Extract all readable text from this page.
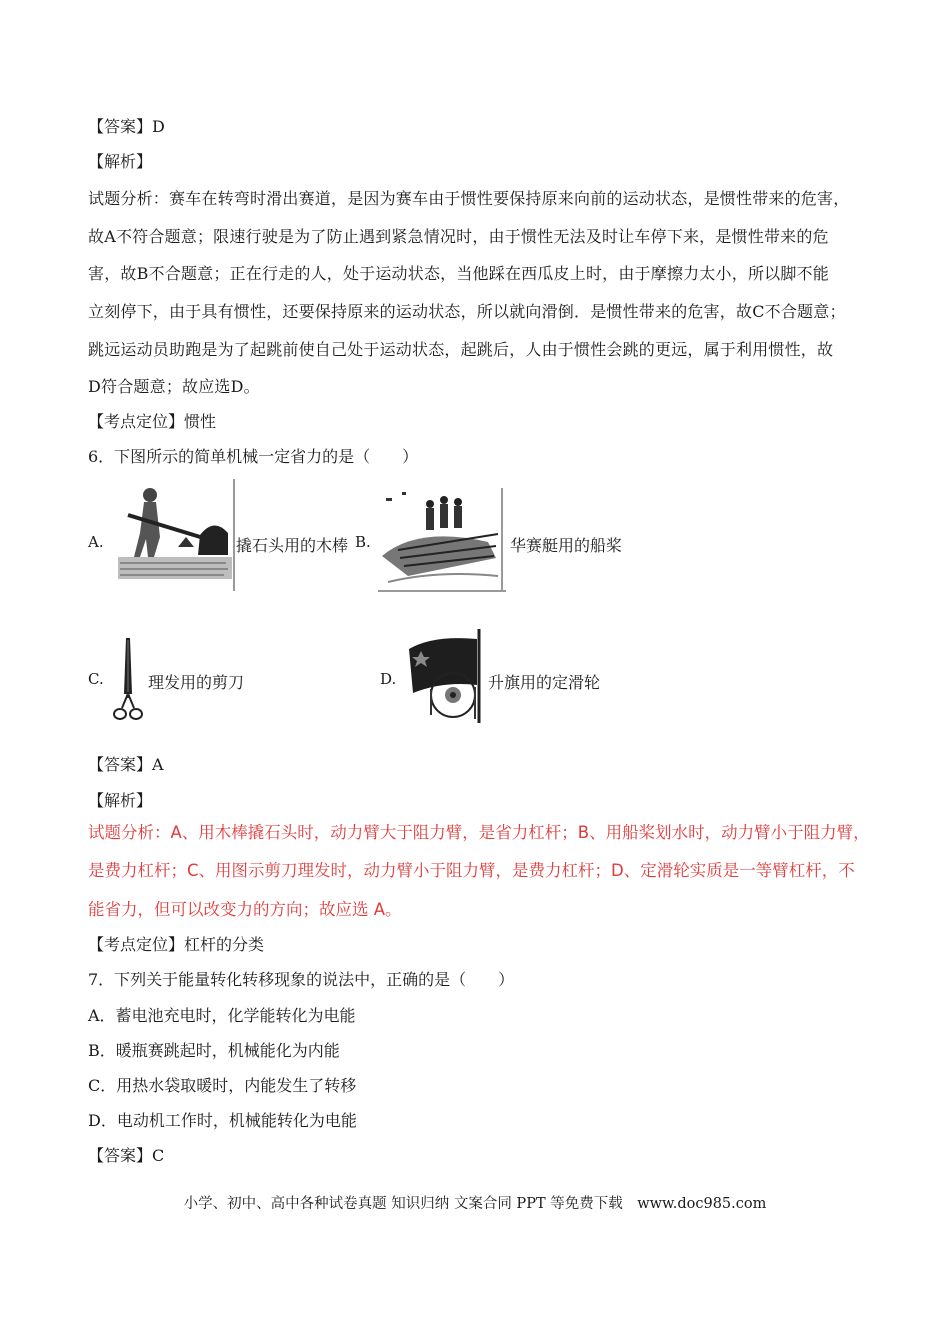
【答案】D
【解析】
试题分析：赛车在转弯时滑出赛道，是因为赛车由于惯性要保持原来向前的运动状态，是惯性带来的危害，
故A不符合题意；限速行驶是为了防止遇到紧急情况时，由于惯性无法及时让车停下来，是惯性带来的危
害，故B不合题意；正在行走的人，处于运动状态，当他踩在西瓜皮上时，由于摩擦力太小，所以脚不能
立刻停下，由于具有惯性，还要保持原来的运动状态，所以就向滑倒．是惯性带来的危害，故C不合题意；
跳远运动员助跑是为了起跳前使自己处于运动状态，起跳后，人由于惯性会跳的更远，属于利用惯性，故
D符合题意；故应选D。
【考点定位】惯性
6．下图所示的简单机械一定省力的是（　　）
A.	撬石头用的木棒 B.	华赛艇用的船桨
C.	理发用的剪刀	D.	升旗用的定滑轮
【答案】A
【解析】
试题分析：A、用木棒撬石头时，动力臂大于阻力臂，是省力杠杆；B、用船桨划水时，动力臂小于阻力臂，
是费力杠杆；C、用图示剪刀理发时，动力臂小于阻力臂，是费力杠杆；D、定滑轮实质是一等臂杠杆，不
能省力，但可以改变力的方向；故应选 A。
【考点定位】杠杆的分类
7．下列关于能量转化转移现象的说法中，正确的是（　　）
A．蓄电池充电时，化学能转化为电能
B．暖瓶赛跳起时，机械能化为内能
C．用热水袋取暖时，内能发生了转移
D．电动机工作时，机械能转化为电能
【答案】C
小学、初中、高中各种试卷真题 知识归纳 文案合同 PPT 等免费下载　www.doc985.com
